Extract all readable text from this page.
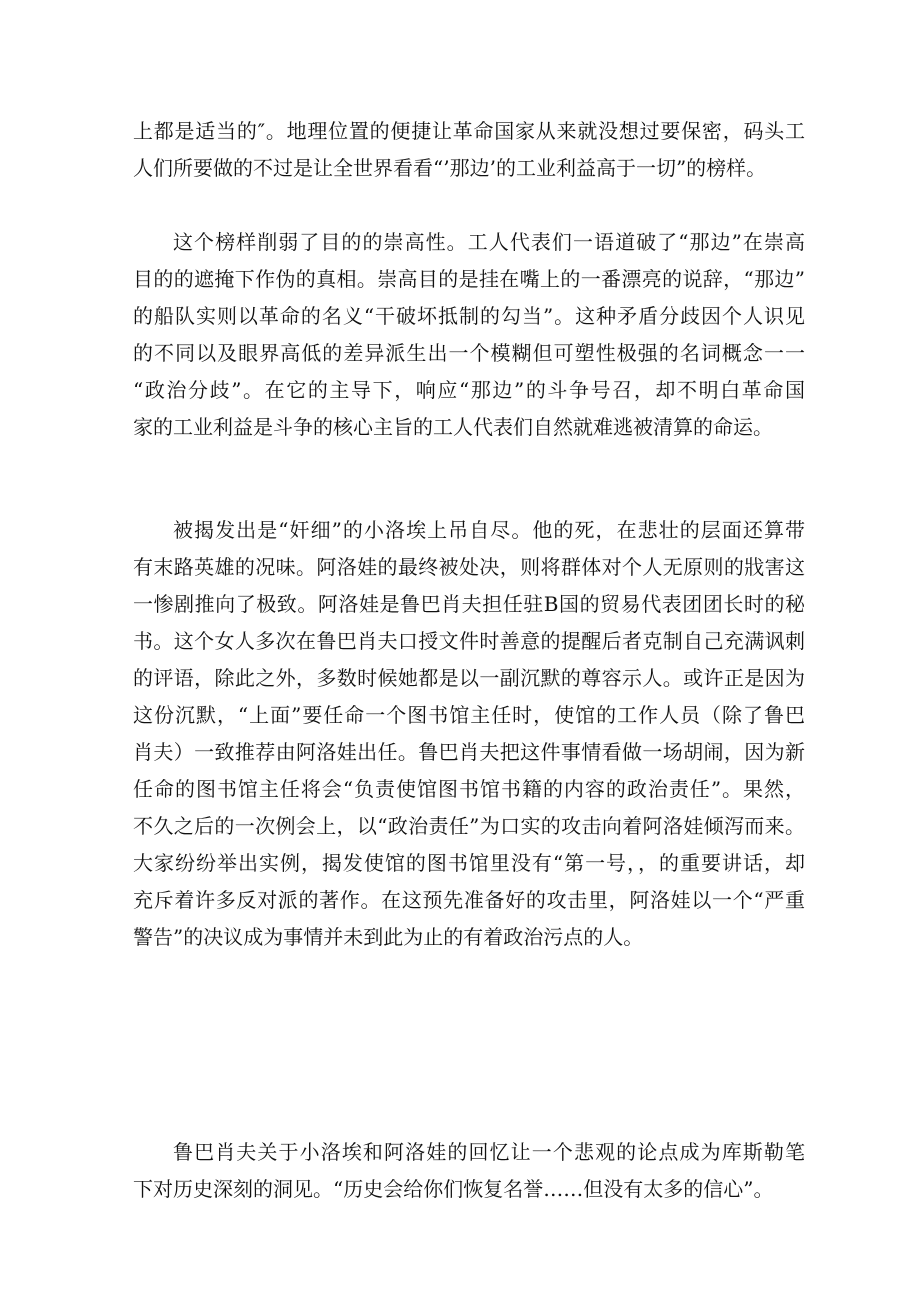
上都是适当的″。地理位置的便捷让革命国家从来就没想过要保密，码头工
人们所要做的不过是让全世界看看“’那边’的工业利益高于一切”的榜样。
这个榜样削弱了目的的崇高性。工人代表们一语道破了“那边”在崇高
目的的遮掩下作伪的真相。崇高目的是挂在嘴上的一番漂亮的说辞，“那边”
的船队实则以革命的名义“干破坏抵制的勾当”。这种矛盾分歧因个人识见
的不同以及眼界高低的差异派生出一个模糊但可塑性极强的名词概念一一
“政治分歧”。在它的主导下，响应“那边”的斗争号召，却不明白革命国
家的工业利益是斗争的核心主旨的工人代表们自然就难逃被清算的命运。
被揭发出是“奸细”的小洛埃上吊自尽。他的死，在悲壮的层面还算带
有末路英雄的况味。阿洛娃的最终被处决，则将群体对个人无原则的戕害这
一惨剧推向了极致。阿洛娃是鲁巴肖夫担任驻B国的贸易代表团团长时的秘
书。这个女人多次在鲁巴肖夫口授文件时善意的提醒后者克制自己充满讽刺
的评语，除此之外，多数时候她都是以一副沉默的尊容示人。或许正是因为
这份沉默，“上面”要任命一个图书馆主任时，使馆的工作人员（除了鲁巴
肖夫）一致推荐由阿洛娃出任。鲁巴肖夫把这件事情看做一场胡闹，因为新
任命的图书馆主任将会“负责使馆图书馆书籍的内容的政治责任”。果然，
不久之后的一次例会上，以“政治责任”为口实的攻击向着阿洛娃倾泻而来。
大家纷纷举出实例，揭发使馆的图书馆里没有“第一号，，的重要讲话，却
充斥着许多反对派的著作。在这预先准备好的攻击里，阿洛娃以一个“严重
警告”的决议成为事情并未到此为止的有着政治污点的人。
鲁巴肖夫关于小洛埃和阿洛娃的回忆让一个悲观的论点成为库斯勒笔
下对历史深刻的洞见。“历史会给你们恢复名誉……但没有太多的信心”。
